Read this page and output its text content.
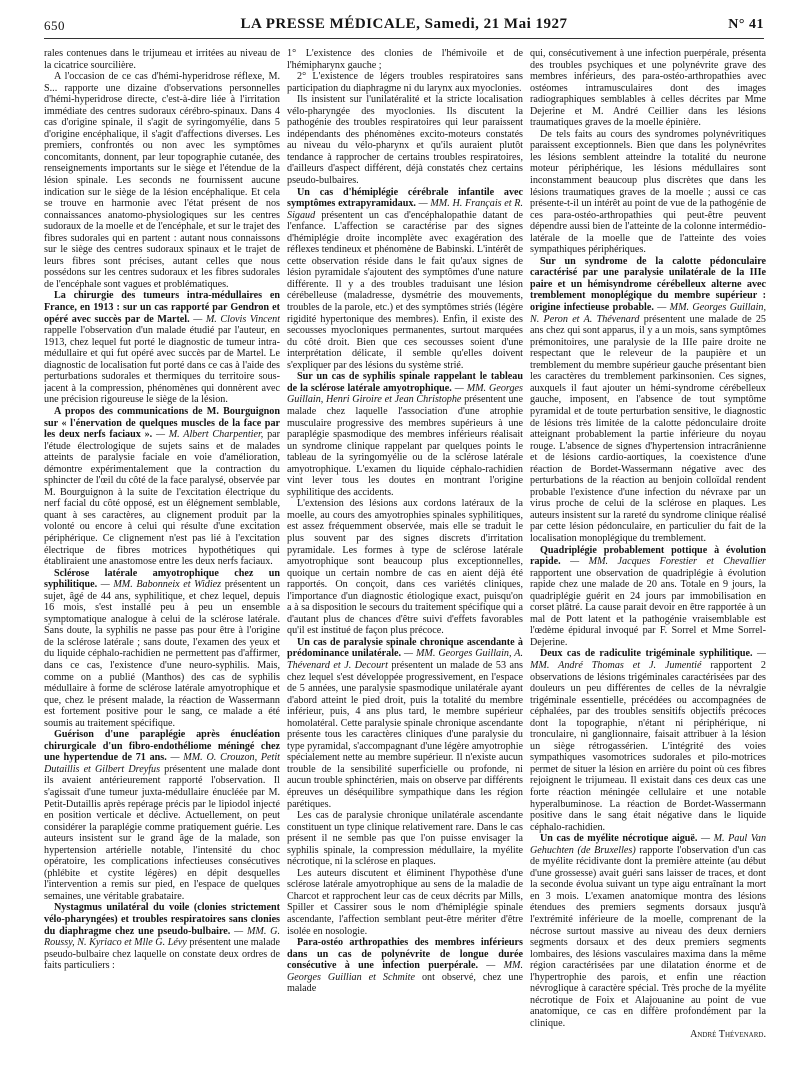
650	LA PRESSE MÉDICALE, Samedi, 21 Mai 1927	N° 41

rales contenues dans le trijumeau et irritées au niveau de la cicatrice sourcilière.

A l'occasion de ce cas d'hémi-hyperidrose réflexe, M. S... rapporte une dizaine d'observations personnelles d'hémi-hyperidrose directe, c'est-à-dire liée à l'irritation immédiate des centres sudoraux cérébro-spinaux. Dans 4 cas d'origine spinale, il s'agit de syringomyélie, dans 5 d'origine encéphalique, il s'agit d'affections diverses. Les premiers, confrontés ou non avec les symptômes concomitants, donnent, par leur topographie cutanée, des renseignements importants sur le siège et l'étendue de la lésion spinale. Les seconds ne fournissent aucune indication sur le siège de la lésion encéphalique. Et cela se trouve en harmonie avec l'état présent de nos connaissances anatomo-physiologiques sur les centres sudoraux de la moelle et de l'encéphale, et sur le trajet des fibres sudorales qui en partent : autant nous connaissons sur le siège des centres sudoraux spinaux et le trajet de leurs fibres sont précises, autant celles que nous possédons sur les centres sudoraux et les fibres sudorales de l'encéphale sont vagues et problématiques.

La chirurgie des tumeurs intra-médullaires en France, en 1913 : sur un cas rapporté par Gendron et opéré avec succès par de Martel. — M. Clovis Vincent rappelle l'observation d'un malade étudié par l'auteur, en 1913, chez lequel fut porté le diagnostic de tumeur intra-médullaire et qui fut opéré avec succès par de Martel. Le diagnostic de localisation fut porté dans ce cas à l'aide des perturbations sudorales et thermiques du territoire sous-jacent à la compression, phénomènes qui donnèrent avec une précision rigoureuse le siège de la lésion.

A propos des communications de M. Bourguignon sur « l'énervation de quelques muscles de la face par les deux nerfs faciaux ». — M. Albert Charpentier, par l'étude électrologique de sujets sains et de malades atteints de paralysie faciale en voie d'amélioration, démontre expérimentalement que la contraction du sphincter de l'œil du côté de la face paralysé, observée par M. Bourguignon à la suite de l'excitation électrique du nerf facial du côté opposé, est un élégnement semblable, quant à ses caractères, au clignement produit par la volonté ou encore à celui qui résulte d'une excitation périphérique. Ce clignement n'est pas lié à l'excitation électrique de fibres motrices hypothétiques qui établiraient une anastomose entre les deux nerfs faciaux.

Sclérose latérale amyotrophique chez un syphilitique. — MM. Babonneix et Widiez présentent un sujet, âgé de 44 ans, syphilitique, et chez lequel, depuis 16 mois, s'est installé peu à peu un ensemble symptomatique analogue à celui de la sclérose latérale. Sans doute, la syphilis ne passe pas pour être à l'origine de la sclérose latérale ; sans doute, l'examen des yeux et du liquide céphalo-rachidien ne permettent pas d'affirmer, dans ce cas, l'existence d'une neuro-syphilis. Mais, comme on a publié (Manthos) des cas de syphilis médullaire à forme de sclérose latérale amyotrophique et que, chez le présent malade, la réaction de Wassermann est fortement positive pour le sang, ce malade a été soumis au traitement spécifique.

Guérison d'une paraplégie après énucléation chirurgicale d'un fibro-endothéliome méningé chez une hypertendue de 71 ans. — MM. O. Crouzon, Petit Dutaillis et Gilbert Dreyfus présentent une malade dont ils avaient antérieurement rapporté l'observation. Il s'agissait d'une tumeur juxta-médullaire énucléée par M. Petit-Dutaillis après repérage précis par le lipiodol injecté en position verticale et déclive. Actuellement, on peut considérer la paraplégie comme pratiquement guérie. Les auteurs insistent sur le grand âge de la malade, son hypertension artérielle notable, l'intensité du choc opératoire, les complications infectieuses consécutives (phlébite et cystite légères) en dépit desquelles l'intervention a remis sur pied, en l'espace de quelques semaines, une véritable grabataire.

Nystagmus unilatéral du voile (clonies strictement vélo-pharyngées) et troubles respiratoires sans clonies du diaphragme chez une pseudo-bulbaire. — MM. G. Roussy, N. Kyriaco et Mlle G. Lévy présentent une malade pseudo-bulbaire chez laquelle on constate deux ordres de faits particuliers :

1° L'existence des clonies de l'hémivoile et de l'hémipharynx gauche ;

2° L'existence de légers troubles respiratoires sans participation du diaphragme ni du larynx aux myoclonies.

Ils insistent sur l'unilatéralité et la stricte localisation vélo-pharyngée des myoclonies. Ils discutent la pathogénie des troubles respiratoires qui leur paraissent indépendants des phénomènes excito-moteurs constatés au niveau du vélo-pharynx et qu'ils auraient plutôt tendance à rapprocher de certains troubles respiratoires, d'ailleurs d'aspect différent, déjà constatés chez certains pseudo-bulbaires.

Un cas d'hémiplégie cérébrale infantile avec symptômes extrapyramidaux. — MM. H. Français et R. Sigaud présentent un cas d'encéphalopathie datant de l'enfance. L'affection se caractérise par des signes d'hémiplégie droite incomplète avec exagération des réflexes tendineux et phénomène de Babinski. L'intérêt de cette observation réside dans le fait qu'aux signes de lésion pyramidale s'ajoutent des symptômes d'une nature différente. Il y a des troubles traduisant une lésion cérébelleuse (maladresse, dysmétrie des mouvements, troubles de la parole, etc.) et des symptômes striés (légère rigidité hypertonique des membres). Enfin, il existe des secousses myocloniques permanentes, surtout marquées du côté droit. Bien que ces secousses soient d'une interprétation délicate, il semble qu'elles doivent s'expliquer par des lésions du système strié.

Sur un cas de syphilis spinale rappelant le tableau de la sclérose latérale amyotrophique. — MM. Georges Guillain, Henri Giroire et Jean Christophe présentent une malade chez laquelle l'association d'une atrophie musculaire progressive des membres supérieurs à une paraplégie spasmodique des membres inférieurs réalisait un syndrome clinique rappelant par quelques points le tableau de la syringomyélie ou de la sclérose latérale amyotrophique. L'examen du liquide céphalo-rachidien vint lever tous les doutes en montrant l'origine syphilitique des accidents.

L'extension des lésions aux cordons latéraux de la moelle, au cours des amyotrophies spinales syphilitiques, est assez fréquemment observée, mais elle se traduit le plus souvent par des signes discrets d'irritation pyramidale. Les formes à type de sclérose latérale amyotrophique sont beaucoup plus exceptionnelles, quoique un certain nombre de cas en aient déjà été rapportés. On conçoit, dans ces variétés cliniques, l'importance d'un diagnostic étiologique exact, puisqu'on a à sa disposition le secours du traitement spécifique qui a d'autant plus de chances d'être suivi d'effets favorables qu'il est institué de façon plus précoce.

Un cas de paralysie spinale chronique ascendante à prédominance unilatérale. — MM. Georges Guillain, A. Thévenard et J. Decourt présentent un malade de 53 ans chez lequel s'est développée progressivement, en l'espace de 5 années, une paralysie spasmodique unilatérale ayant d'abord atteint le pied droit, puis la totalité du membre inférieur, puis, 4 ans plus tard, le membre supérieur homolatéral. Cette paralysie spinale chronique ascendante présente tous les caractères cliniques d'une paralysie du type pyramidal, s'accompagnant d'une légère amyotrophie spécialement nette au membre supérieur. Il n'existe aucun trouble de la sensibilité superficielle ou profonde, ni aucun trouble sphinctérien, mais on observe par différents épreuves un déséquilibre sympathique dans les région parétiques.

Les cas de paralysie chronique unilatérale ascendante constituent un type clinique relativement rare. Dans le cas présent il ne semble pas que l'on puisse envisager la syphilis spinale, la compression médullaire, la myélite nécrotique, ni la sclérose en plaques.

Les auteurs discutent et éliminent l'hypothèse d'une sclérose latérale amyotrophique au sens de la maladie de Charcot et rapprochent leur cas de ceux décrits par Mills, Spiller et Cassirer sous le nom d'hémiplégie spinale ascendante, l'affection semblant peut-être mériter d'être isolée en nosologie.

Para-ostéo arthropathies des membres inférieurs dans un cas de polynévrite de longue durée consécutive à une infection puerpérale. — MM. Georges Guillian et Schmite ont observé, chez une malade

qui, consécutivement à une infection puerpérale, présenta des troubles psychiques et une polynévrite grave des membres inférieurs, des para-ostéo-arthropathies avec ostéomes intramusculaires dont des images radiographiques semblables à celles décrites par Mme Dejerine et M. André Ceillier dans les lésions traumatiques graves de la moelle épinière.

De tels faits au cours des syndromes polynévritiques paraissent exceptionnels. Bien que dans les polynévrites les lésions semblent atteindre la totalité du neurone moteur périphérique, les lésions médullaires sont inconstamment beaucoup plus discrètes que dans les lésions traumatiques graves de la moelle ; aussi ce cas présente-t-il un intérêt au point de vue de la pathogénie de ces para-ostéo-arthropathies qui peut-être peuvent dépendre aussi bien de l'atteinte de la colonne intermédio-latérale de la moelle que de l'atteinte des voies sympathiques périphériques.

Sur un syndrome de la calotte pédonculaire caractérisé par une paralysie unilatérale de la IIIe paire et un hémisyndrome cérébelleux alterne avec tremblement monoplégique du membre supérieur : origine infectieuse probable. — MM. Georges Guillain, N. Peron et A. Thévenard présentent une malade de 25 ans chez qui sont apparus, il y a un mois, sans symptômes prémonitoires, une paralysie de la IIIe paire droite ne respectant que le releveur de la paupière et un tremblement du membre supérieur gauche présentant bien les caractères du tremblement parkinsonien. Ces signes, auxquels il faut ajouter un hémi-syndrome cérébelleux gauche, imposent, en l'absence de tout symptôme pyramidal et de toute perturbation sensitive, le diagnostic de lésions très limitée de la calotte pédonculaire droite atteignant probablement la partie inférieure du noyau rouge. L'absence de signes d'hypertension intracrânienne et de lésions cardio-aortiques, la coexistence d'une réaction de Bordet-Wassermann négative avec des perturbations de la réaction au benjoin colloïdal rendent probable l'existence d'une infection du névraxe par un virus proche de celui de la sclérose en plaques. Les auteurs insistent sur la rareté du syndrome clinique réalisé par cette lésion pédonculaire, en particulier du fait de la localisation monoplégique du tremblement.

Quadriplégie probablement pottique à évolution rapide. — MM. Jacques Forestier et Chevallier rapportent une observation de quadriplégie à évolution rapide chez une malade de 20 ans. Totale en 9 jours, la quadriplégie guérit en 24 jours par immobilisation en corset plâtré. La cause parait devoir en être rapportée à un mal de Pott latent et la pathogénie vraisemblable est l'œdème épidural invoqué par F. Sorrel et Mme Sorrel-Dejerine.

Deux cas de radiculite trigéminale syphilitique. — MM. André Thomas et J. Jumentié rapportent 2 observations de lésions trigéminales caractérisées par des douleurs un peu différentes de celles de la névralgie trigéminale essentielle, précédées ou accompagnées de céphalées, par des troubles sensitifs objectifs précoces dont la topographie, n'étant ni périphérique, ni tronculaire, ni ganglionnaire, faisait attribuer à la lésion un siège rétrogassérien. L'intégrité des voies sympathiques vasomotrices sudorales et pilo-motrices permet de situer la lésion en arrière du point où ces fibres rejoignent le trijumeau. Il existait dans ces deux cas une forte réaction méningée cellulaire et une notable hyperalbuminose. La réaction de Bordet-Wassermann positive dans le sang était négative dans le liquide céphalo-rachidien.

Un cas de myélite nécrotique aiguë. — M. Paul Van Gehuchten (de Bruxelles) rapporte l'observation d'un cas de myélite récidivante dont la première atteinte (au début d'une grossesse) avait guéri sans laisser de traces, et dont la seconde évolua suivant un type aigu entraînant la mort en 3 mois. L'examen anatomique montra des lésions étendues des premiers segments dorsaux jusqu'à l'extrémité inférieure de la moelle, comprenant de la nécrose surtout massive au niveau des deux derniers segments dorsaux et des deux premiers segments lombaires, des lésions vasculaires maxima dans la même région caractérisées par une dilatation énorme et de l'hypertrophie des parois, et enfin une réaction névroglique à caractère spécial. Très proche de la myélite nécrotique de Foix et Alajouanine au point de vue anatomique, ce cas en diffère profondément par la clinique.

André Thévenard.
